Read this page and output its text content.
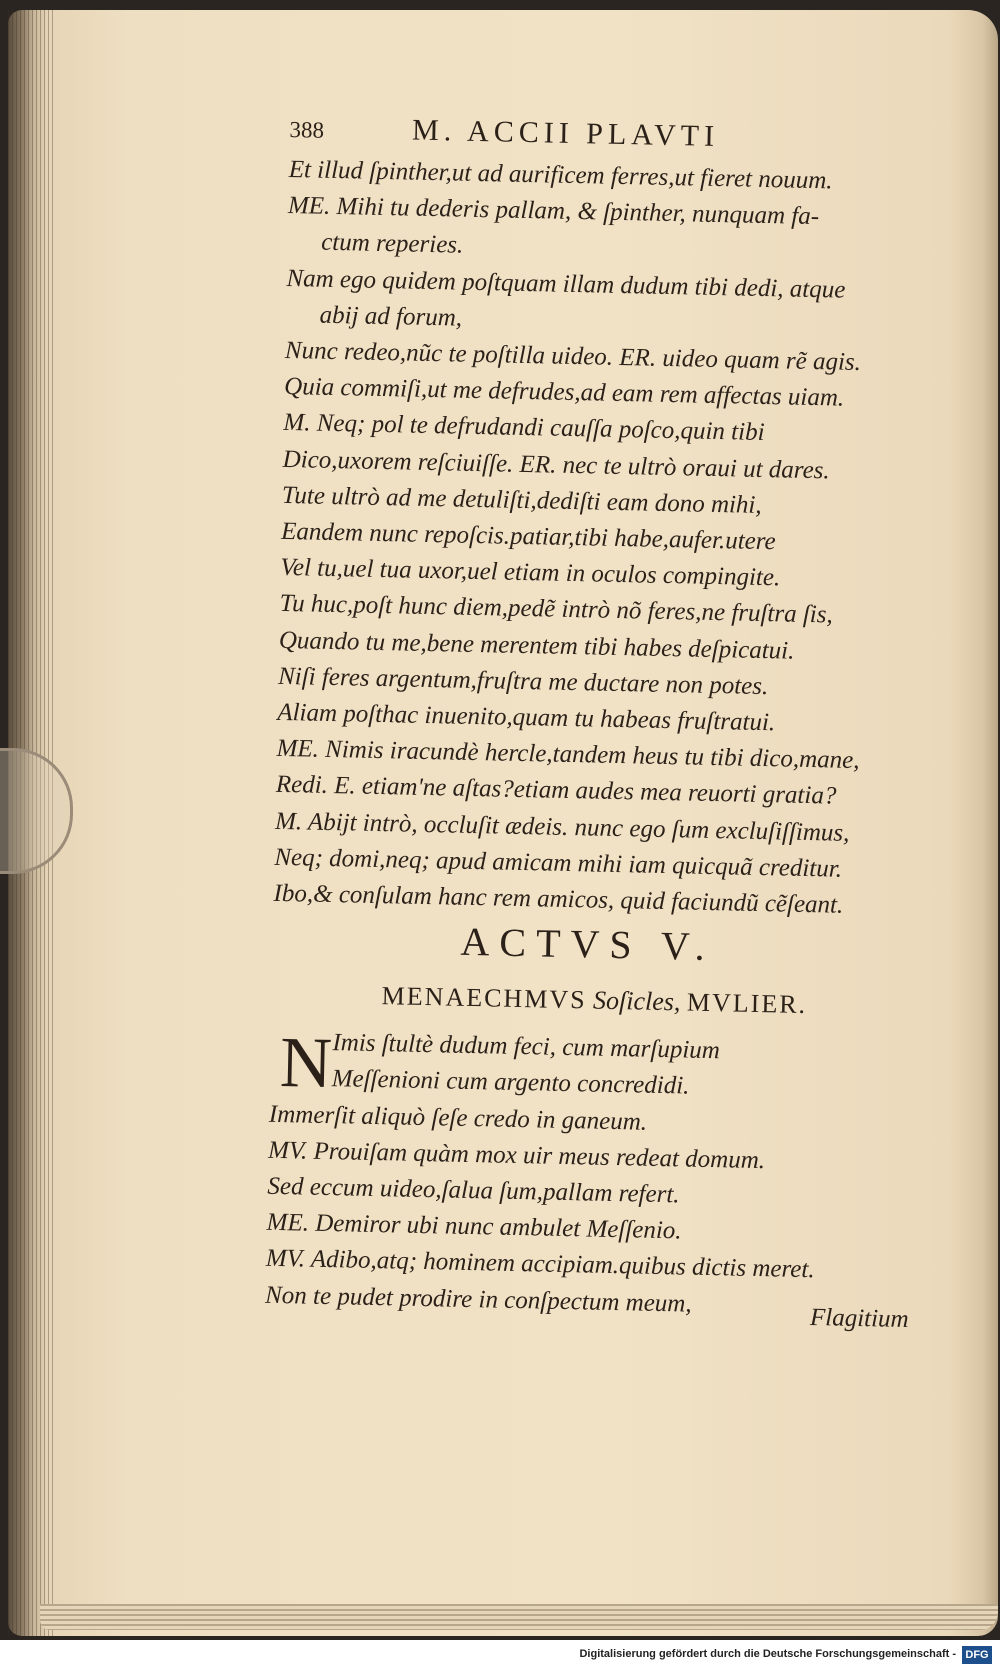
388	M. ACCII PLAVTI
Et illud ſpinther,ut ad aurificem ferres,ut fieret nouum.
ME. Mihi tu dederis pallam, & ſpinther, nunquam fa-
ctum reperies.
Nam ego quidem poſtquam illam dudum tibi dedi, atque
abij ad forum,
Nunc redeo,nũc te poſtilla uideo. ER. uideo quam rẽ agis.
Quia commiſi,ut me defrudes,ad eam rem affectas uiam.
M. Neq; pol te defrudandi cauſſa poſco,quin tibi
Dico,uxorem reſciuiſſe. ER. nec te ultrò oraui ut dares.
Tute ultrò ad me detuliſti,dediſti eam dono mihi,
Eandem nunc repoſcis.patiar,tibi habe,aufer.utere
Vel tu,uel tua uxor,uel etiam in oculos compingite.
Tu huc,poſt hunc diem,pedẽ intrò nõ feres,ne fruſtra ſis,
Quando tu me,bene merentem tibi habes deſpicatui.
Niſi feres argentum,fruſtra me ductare non potes.
Aliam poſthac inuenito,quam tu habeas fruſtratui.
ME. Nimis iracundè hercle,tandem heus tu tibi dico,mane,
Redi. E. etiam'ne aſtas?etiam audes mea reuorti gratia?
M. Abijt intrò, occluſit ædeis. nunc ego ſum excluſiſſimus,
Neq; domi,neq; apud amicam mihi iam quicquã creditur.
Ibo,& conſulam hanc rem amicos, quid faciundũ cẽſeant.
ACTVS V.
MENAECHMVS Soſicles, MVLIER.
N Imis ſtultè dudum feci, cum marſupium
Meſſenioni cum argento concredidi.
Immerſit aliquò ſeſe credo in ganeum.
MV. Prouiſam quàm mox uir meus redeat domum.
Sed eccum uideo,ſalua ſum,pallam refert.
ME. Demiror ubi nunc ambulet Meſſenio.
MV. Adibo,atq; hominem accipiam.quibus dictis meret.
Non te pudet prodire in conſpectum meum,
Flagitium
Digitalisierung gefördert durch die Deutsche Forschungsgemeinschaft - DFG
